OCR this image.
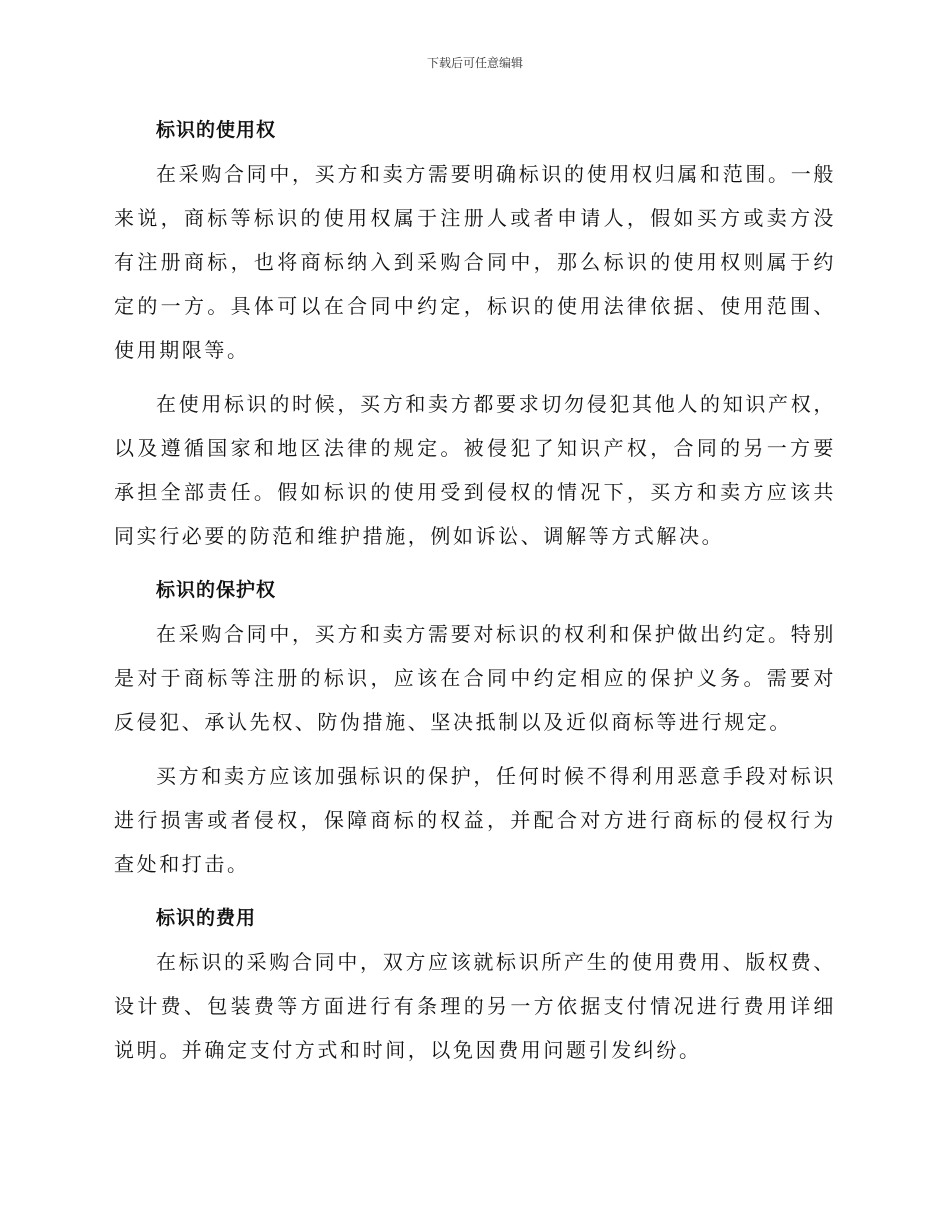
下载后可任意编辑
标识的使用权

在采购合同中，买方和卖方需要明确标识的使用权归属和范围。一般来说，商标等标识的使用权属于注册人或者申请人，假如买方或卖方没有注册商标，也将商标纳入到采购合同中，那么标识的使用权则属于约定的一方。具体可以在合同中约定，标识的使用法律依据、使用范围、使用期限等。

在使用标识的时候，买方和卖方都要求切勿侵犯其他人的知识产权，以及遵循国家和地区法律的规定。被侵犯了知识产权，合同的另一方要承担全部责任。假如标识的使用受到侵权的情况下，买方和卖方应该共同实行必要的防范和维护措施，例如诉讼、调解等方式解决。

标识的保护权

在采购合同中，买方和卖方需要对标识的权利和保护做出约定。特别是对于商标等注册的标识，应该在合同中约定相应的保护义务。需要对反侵犯、承认先权、防伪措施、坚决抵制以及近似商标等进行规定。

买方和卖方应该加强标识的保护，任何时候不得利用恶意手段对标识进行损害或者侵权，保障商标的权益，并配合对方进行商标的侵权行为查处和打击。

标识的费用

在标识的采购合同中，双方应该就标识所产生的使用费用、版权费、设计费、包装费等方面进行有条理的另一方依据支付情况进行费用详细说明。并确定支付方式和时间，以免因费用问题引发纠纷。
